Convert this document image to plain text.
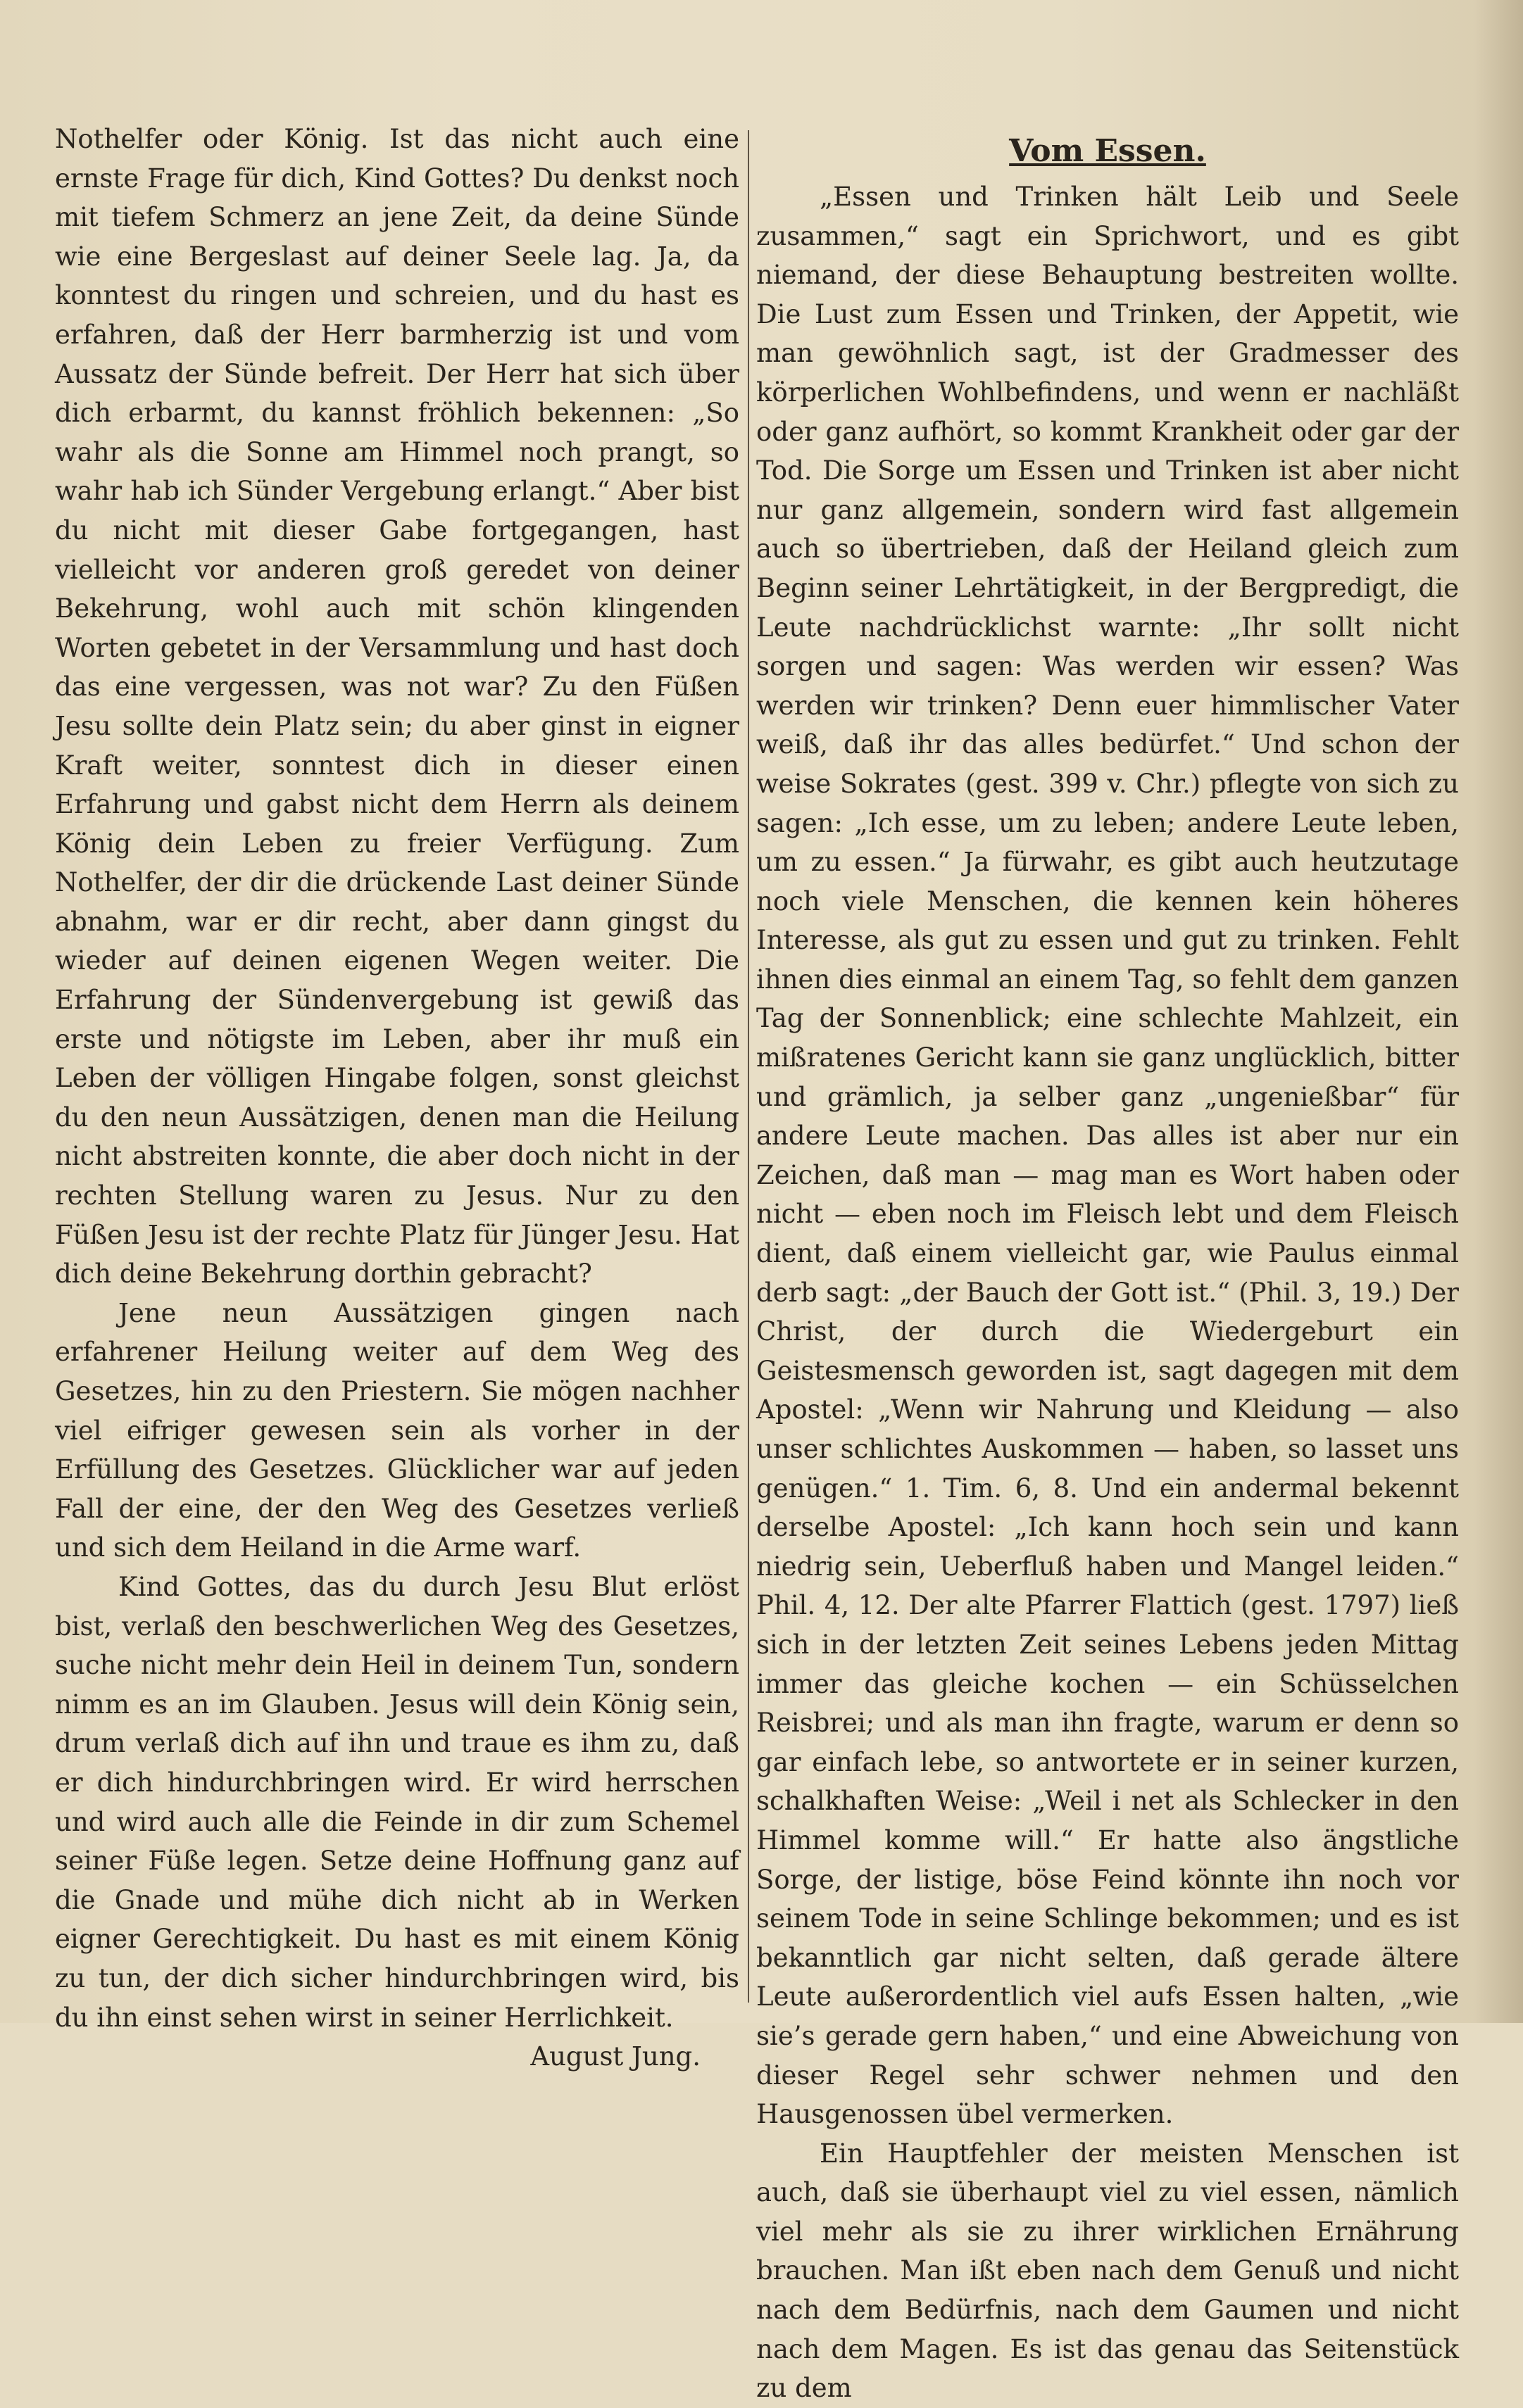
Nothelfer oder König. Ist das nicht auch eine ernste Frage für dich, Kind Gottes? Du denkst noch mit tiefem Schmerz an jene Zeit, da deine Sünde wie eine Bergeslast auf deiner Seele lag. Ja, da konntest du ringen und schreien, und du hast es erfahren, daß der Herr barmherzig ist und vom Aussatz der Sünde befreit. Der Herr hat sich über dich erbarmt, du kannst fröhlich bekennen: „So wahr als die Sonne am Himmel noch prangt, so wahr hab ich Sünder Vergebung erlangt.“ Aber bist du nicht mit dieser Gabe fortgegangen, hast vielleicht vor anderen groß geredet von deiner Bekehrung, wohl auch mit schön klingenden Worten gebetet in der Versammlung und hast doch das eine vergessen, was not war? Zu den Füßen Jesu sollte dein Platz sein; du aber ginst in eigner Kraft weiter, sonntest dich in dieser einen Erfahrung und gabst nicht dem Herrn als deinem König dein Leben zu freier Verfügung. Zum Nothelfer, der dir die drückende Last deiner Sünde abnahm, war er dir recht, aber dann gingst du wieder auf deinen eigenen Wegen weiter. Die Erfahrung der Sündenvergebung ist gewiß das erste und nötigste im Leben, aber ihr muß ein Leben der völligen Hingabe folgen, sonst gleichst du den neun Aussätzigen, denen man die Heilung nicht abstreiten konnte, die aber doch nicht in der rechten Stellung waren zu Jesus. Nur zu den Füßen Jesu ist der rechte Platz für Jünger Jesu. Hat dich deine Bekehrung dorthin gebracht?

Jene neun Aussätzigen gingen nach erfahrener Heilung weiter auf dem Weg des Gesetzes, hin zu den Priestern. Sie mögen nachher viel eifriger gewesen sein als vorher in der Erfüllung des Gesetzes. Glücklicher war auf jeden Fall der eine, der den Weg des Gesetzes verließ und sich dem Heiland in die Arme warf.

Kind Gottes, das du durch Jesu Blut erlöst bist, verlaß den beschwerlichen Weg des Gesetzes, suche nicht mehr dein Heil in deinem Tun, sondern nimm es an im Glauben. Jesus will dein König sein, drum verlaß dich auf ihn und traue es ihm zu, daß er dich hindurchbringen wird. Er wird herrschen und wird auch alle die Feinde in dir zum Schemel seiner Füße legen. Setze deine Hoffnung ganz auf die Gnade und mühe dich nicht ab in Werken eigner Gerechtigkeit. Du hast es mit einem König zu tun, der dich sicher hindurchbringen wird, bis du ihn einst sehen wirst in seiner Herrlichkeit.

August Jung.
Vom Essen.

„Essen und Trinken hält Leib und Seele zusammen,“ sagt ein Sprichwort, und es gibt niemand, der diese Behauptung bestreiten wollte. Die Lust zum Essen und Trinken, der Appetit, wie man gewöhnlich sagt, ist der Gradmesser des körperlichen Wohlbefindens, und wenn er nachläßt oder ganz aufhört, so kommt Krankheit oder gar der Tod. Die Sorge um Essen und Trinken ist aber nicht nur ganz allgemein, sondern wird fast allgemein auch so übertrieben, daß der Heiland gleich zum Beginn seiner Lehrtätigkeit, in der Bergpredigt, die Leute nachdrücklichst warnte: „Ihr sollt nicht sorgen und sagen: Was werden wir essen? Was werden wir trinken? Denn euer himmlischer Vater weiß, daß ihr das alles bedürfet.“ Und schon der weise Sokrates (gest. 399 v. Chr.) pflegte von sich zu sagen: „Ich esse, um zu leben; andere Leute leben, um zu essen.“ Ja fürwahr, es gibt auch heutzutage noch viele Menschen, die kennen kein höheres Interesse, als gut zu essen und gut zu trinken. Fehlt ihnen dies einmal an einem Tag, so fehlt dem ganzen Tag der Sonnenblick; eine schlechte Mahlzeit, ein mißratenes Gericht kann sie ganz unglücklich, bitter und grämlich, ja selber ganz „ungenießbar“ für andere Leute machen. Das alles ist aber nur ein Zeichen, daß man — mag man es Wort haben oder nicht — eben noch im Fleisch lebt und dem Fleisch dient, daß einem vielleicht gar, wie Paulus einmal derb sagt: „der Bauch der Gott ist.“ (Phil. 3, 19.) Der Christ, der durch die Wiedergeburt ein Geistesmensch geworden ist, sagt dagegen mit dem Apostel: „Wenn wir Nahrung und Kleidung — also unser schlichtes Auskommen — haben, so lasset uns genügen.“ 1. Tim. 6, 8. Und ein andermal bekennt derselbe Apostel: „Ich kann hoch sein und kann niedrig sein, Ueberfluß haben und Mangel leiden.“ Phil. 4, 12. Der alte Pfarrer Flattich (gest. 1797) ließ sich in der letzten Zeit seines Lebens jeden Mittag immer das gleiche kochen — ein Schüsselchen Reisbrei; und als man ihn fragte, warum er denn so gar einfach lebe, so antwortete er in seiner kurzen, schalkhaften Weise: „Weil i net als Schlecker in den Himmel komme will.“ Er hatte also ängstliche Sorge, der listige, böse Feind könnte ihn noch vor seinem Tode in seine Schlinge bekommen; und es ist bekanntlich gar nicht selten, daß gerade ältere Leute außerordentlich viel aufs Essen halten, „wie sie’s gerade gern haben,“ und eine Abweichung von dieser Regel sehr schwer nehmen und den Hausgenossen übel vermerken.

Ein Hauptfehler der meisten Menschen ist auch, daß sie überhaupt viel zu viel essen, nämlich viel mehr als sie zu ihrer wirklichen Ernährung brauchen. Man ißt eben nach dem Genuß und nicht nach dem Bedürfnis, nach dem Gaumen und nicht nach dem Magen. Es ist das genau das Seitenstück zu dem
